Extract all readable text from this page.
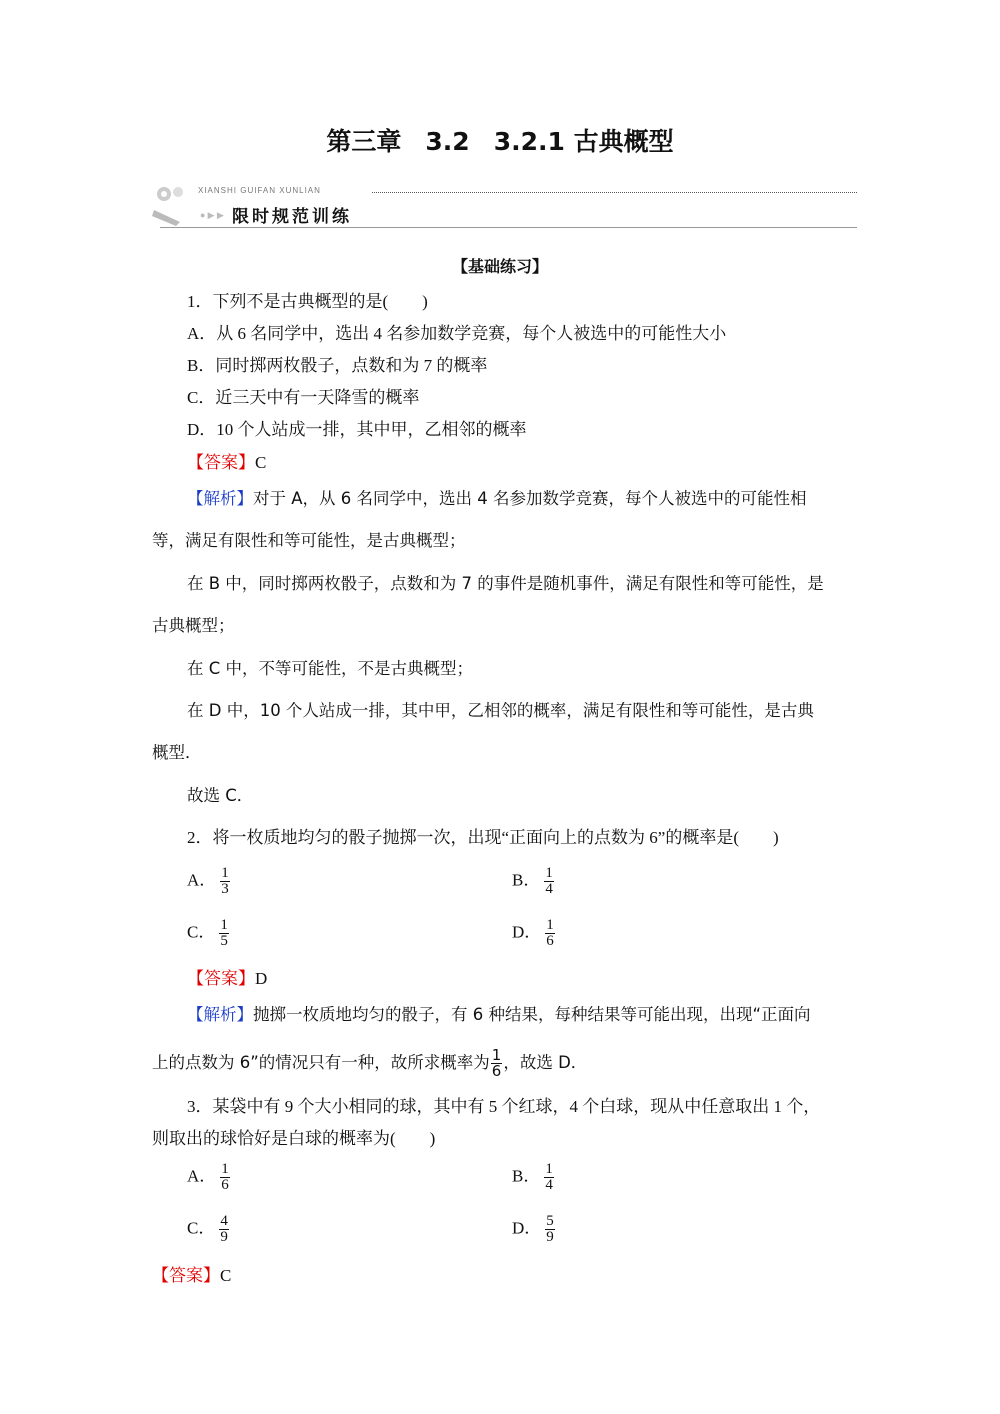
第三章 3.2 3.2.1 古典概型
XIANSHI GUIFAN XUNLIAN
● ▶ ▶ 限时规范训练
【基础练习】
1．下列不是古典概型的是(　　)
A．从 6 名同学中，选出 4 名参加数学竞赛，每个人被选中的可能性大小
B．同时掷两枚骰子，点数和为 7 的概率
C．近三天中有一天降雪的概率
D．10 个人站成一排，其中甲，乙相邻的概率
【答案】C
【解析】对于 A，从 6 名同学中，选出 4 名参加数学竞赛，每个人被选中的可能性相
等，满足有限性和等可能性，是古典概型；
在 B 中，同时掷两枚骰子，点数和为 7 的事件是随机事件，满足有限性和等可能性，是
古典概型；
在 C 中，不等可能性，不是古典概型；
在 D 中，10 个人站成一排，其中甲，乙相邻的概率，满足有限性和等可能性，是古典
概型．
故选 C．
2．将一枚质地均匀的骰子抛掷一次，出现“正面向上的点数为 6”的概率是(　　)
A． $\frac{1}{3}$	B． $\frac{1}{4}$
C． $\frac{1}{5}$	D． $\frac{1}{6}$
【答案】D
【解析】抛掷一枚质地均匀的骰子，有 6 种结果，每种结果等可能出现，出现“正面向
上的点数为 6”的情况只有一种，故所求概率为 $\frac{1}{6}$ ，故选 D．
3．某袋中有 9 个大小相同的球，其中有 5 个红球，4 个白球，现从中任意取出 1 个，
则取出的球恰好是白球的概率为(　　)
A． $\frac{1}{6}$	B． $\frac{1}{4}$
C． $\frac{4}{9}$	D． $\frac{5}{9}$
【答案】C
